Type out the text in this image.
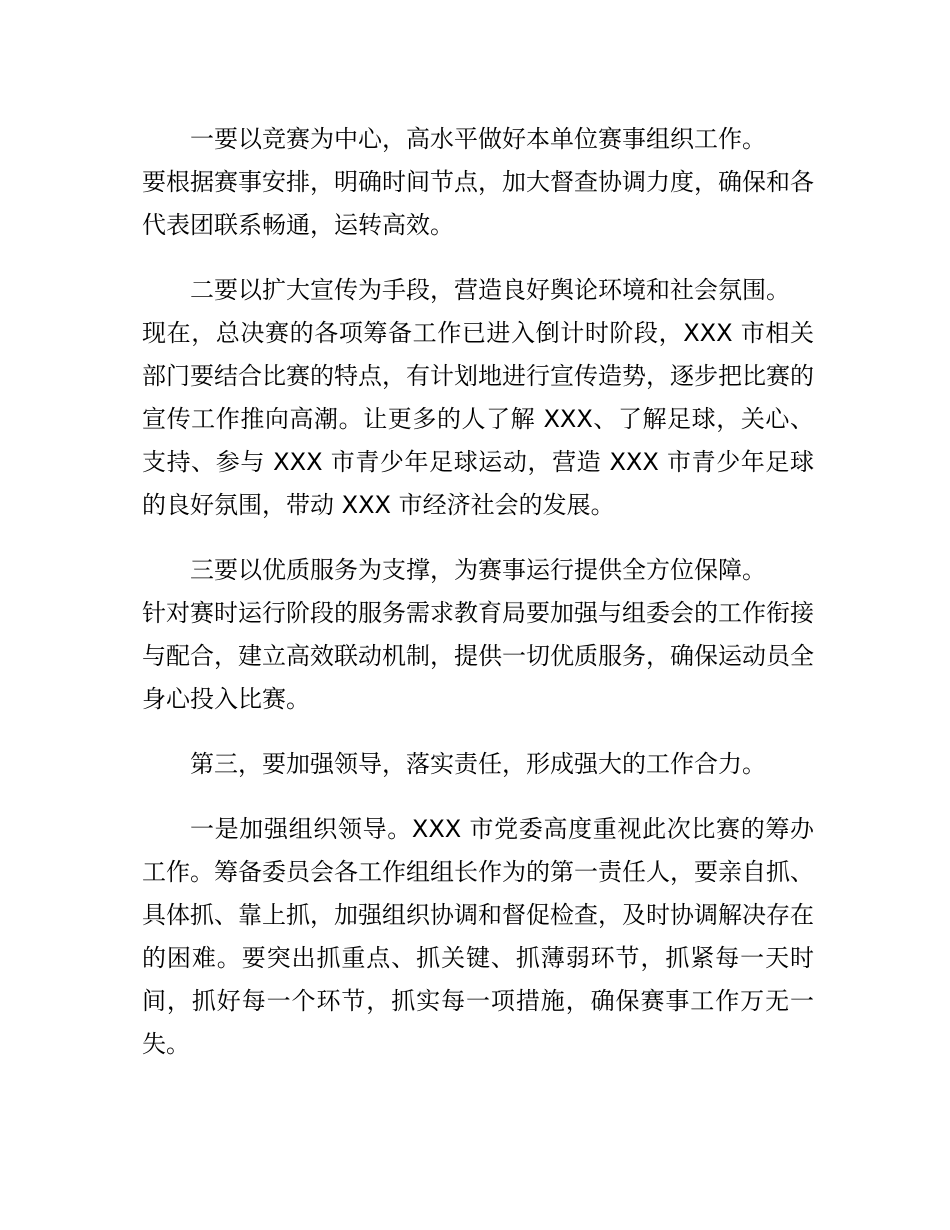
一要以竞赛为中心，高水平做好本单位赛事组织工作。
要根据赛事安排，明确时间节点，加大督查协调力度，确保和各代表团联系畅通，运转高效。

二要以扩大宣传为手段，营造良好舆论环境和社会氛围。
现在，总决赛的各项筹备工作已进入倒计时阶段，XXX 市相关部门要结合比赛的特点，有计划地进行宣传造势，逐步把比赛的宣传工作推向高潮。让更多的人了解 XXX、了解足球，关心、支持、参与 XXX 市青少年足球运动，营造 XXX 市青少年足球的良好氛围，带动 XXX 市经济社会的发展。

三要以优质服务为支撑，为赛事运行提供全方位保障。
针对赛时运行阶段的服务需求教育局要加强与组委会的工作衔接与配合，建立高效联动机制，提供一切优质服务，确保运动员全身心投入比赛。

第三，要加强领导，落实责任，形成强大的工作合力。

一是加强组织领导。XXX 市党委高度重视此次比赛的筹办工作。筹备委员会各工作组组长作为的第一责任人，要亲自抓、具体抓、靠上抓，加强组织协调和督促检查，及时协调解决存在的困难。要突出抓重点、抓关键、抓薄弱环节，抓紧每一天时间，抓好每一个环节，抓实每一项措施，确保赛事工作万无一失。
